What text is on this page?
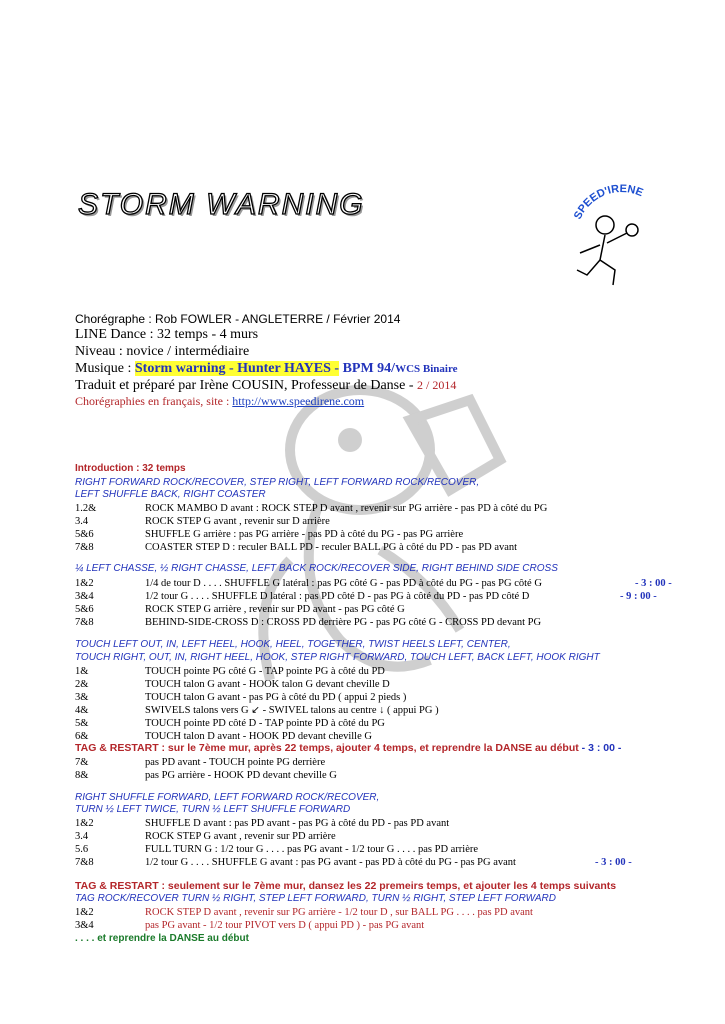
STORM WARNING	SPEED'IRENE
Chorégraphe : Rob FOWLER - ANGLETERRE / Février 2014
LINE Dance : 32 temps - 4 murs
Niveau : novice / intermédiaire
Musique : Storm warning - Hunter HAYES - BPM 94/WCS Binaire
Traduit et préparé par Irène COUSIN, Professeur de Danse - 2 / 2014
Chorégraphies en français, site : http://www.speedirene.com
Introduction : 32 temps
RIGHT FORWARD ROCK/RECOVER, STEP RIGHT, LEFT FORWARD ROCK/RECOVER,
LEFT SHUFFLE BACK, RIGHT COASTER
1.2&	ROCK MAMBO D avant : ROCK STEP D avant , revenir sur PG arrière - pas PD à côté du PG
3.4	ROCK STEP G avant , revenir sur D arrière
5&6	SHUFFLE G arrière : pas PG arrière - pas PD à côté du PG - pas PG arrière
7&8	COASTER STEP D : reculer BALL PD - reculer BALL PG à côté du PD - pas PD avant
¼ LEFT CHASSE, ½ RIGHT CHASSE, LEFT BACK ROCK/RECOVER SIDE, RIGHT BEHIND SIDE CROSS
1&2	1/4 de tour D . . . . SHUFFLE G latéral : pas PG côté G - pas PD à côté du PG - pas PG côté G	- 3 : 00 -
3&4	1/2 tour G . . . . SHUFFLE D latéral : pas PD côté D - pas PG à côté du PD - pas PD côté D	- 9 : 00 -
5&6	ROCK STEP G arrière , revenir sur PD avant - pas PG côté G
7&8	BEHIND-SIDE-CROSS D : CROSS PD derrière PG - pas PG côté G - CROSS PD devant PG
TOUCH LEFT OUT, IN, LEFT HEEL, HOOK, HEEL, TOGETHER, TWIST HEELS LEFT, CENTER,
TOUCH RIGHT, OUT, IN, RIGHT HEEL, HOOK, STEP RIGHT FORWARD, TOUCH LEFT, BACK LEFT, HOOK RIGHT
1&	TOUCH pointe PG côté G - TAP pointe PG à côté du PD
2&	TOUCH talon G avant - HOOK talon G devant cheville D
3&	TOUCH talon G avant - pas PG à côté du PD ( appui 2 pieds )
4&	SWIVELS talons vers G ↙ - SWIVEL talons au centre ↓ ( appui PG )
5&	TOUCH pointe PD côté D - TAP pointe PD à côté du PG
6&	TOUCH talon D avant - HOOK PD devant cheville G
TAG & RESTART : sur le 7ème mur, après 22 temps, ajouter 4 temps, et reprendre la DANSE au début - 3 : 00 -
7&	pas PD avant - TOUCH pointe PG derrière
8&	pas PG arrière - HOOK PD devant cheville G
RIGHT SHUFFLE FORWARD, LEFT FORWARD ROCK/RECOVER,
TURN ½ LEFT TWICE, TURN ½ LEFT SHUFFLE FORWARD
1&2	SHUFFLE D avant : pas PD avant - pas PG à côté du PD - pas PD avant
3.4	ROCK STEP G avant , revenir sur PD arrière
5.6	FULL TURN G : 1/2 tour G . . . . pas PG avant - 1/2 tour G . . . . pas PD arrière
7&8	1/2 tour G . . . . SHUFFLE G avant : pas PG avant - pas PD à côté du PG - pas PG avant	- 3 : 00 -
TAG & RESTART : seulement sur le 7ème mur, dansez les 22 premeirs temps, et ajouter les 4 temps suivants
TAG ROCK/RECOVER TURN ½ RIGHT, STEP LEFT FORWARD, TURN ½ RIGHT, STEP LEFT FORWARD
1&2	ROCK STEP D avant , revenir sur PG arrière - 1/2 tour D , sur BALL PG . . . . pas PD avant
3&4	pas PG avant - 1/2 tour PIVOT vers D ( appui PD ) - pas PG avant
. . . . et reprendre la DANSE au début
